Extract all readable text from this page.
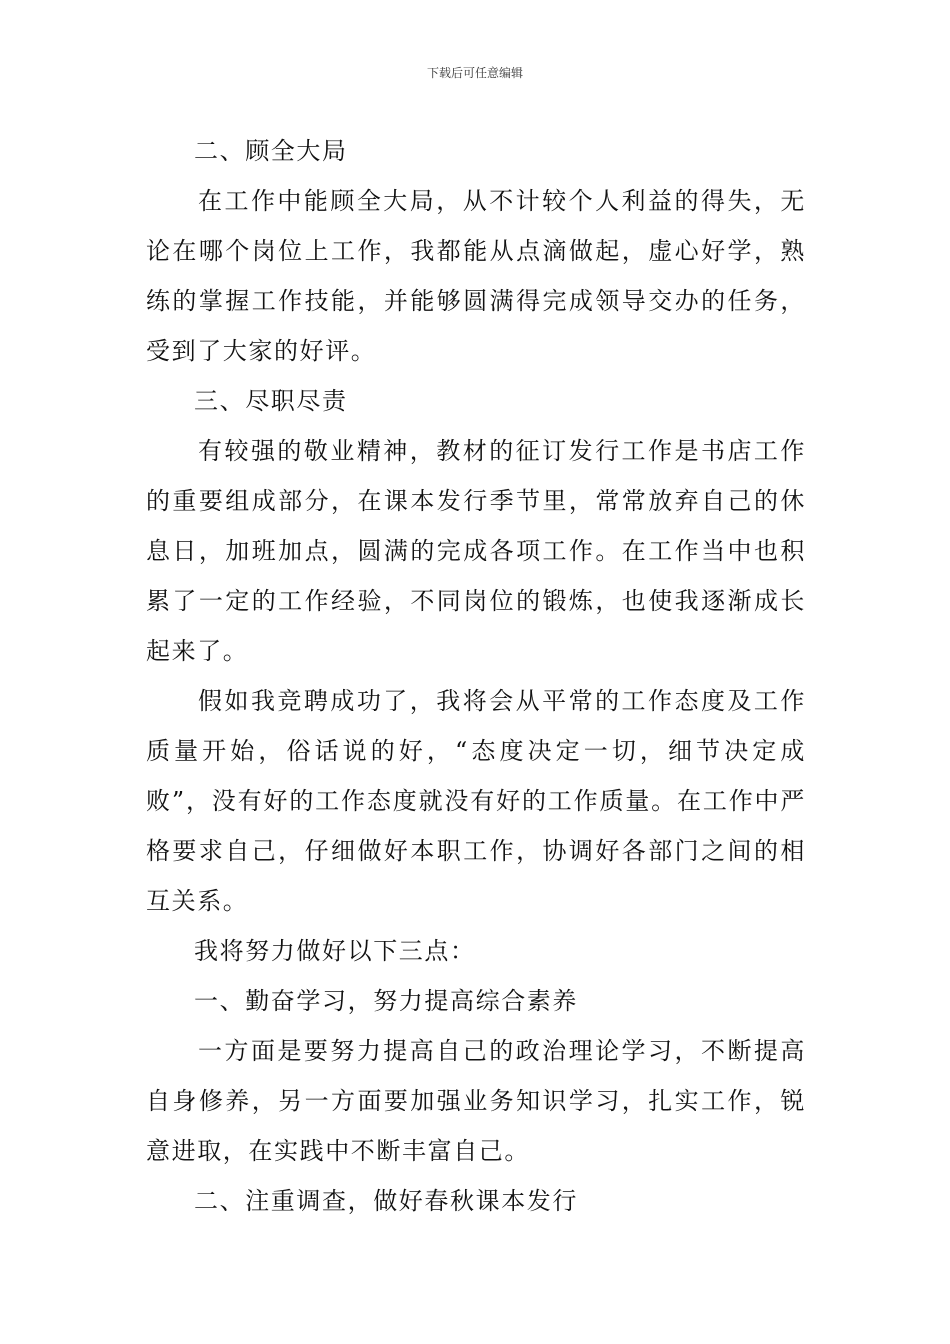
下载后可任意编辑

二、顾全大局

在工作中能顾全大局，从不计较个人利益的得失，无论在哪个岗位上工作，我都能从点滴做起，虚心好学，熟练的掌握工作技能，并能够圆满得完成领导交办的任务，受到了大家的好评。

三、尽职尽责

有较强的敬业精神，教材的征订发行工作是书店工作的重要组成部分，在课本发行季节里，常常放弃自己的休息日，加班加点，圆满的完成各项工作。在工作当中也积累了一定的工作经验，不同岗位的锻炼，也使我逐渐成长起来了。

假如我竞聘成功了，我将会从平常的工作态度及工作质量开始，俗话说的好，“态度决定一切，细节决定成败”，没有好的工作态度就没有好的工作质量。在工作中严格要求自己，仔细做好本职工作，协调好各部门之间的相互关系。

我将努力做好以下三点：

一、勤奋学习，努力提高综合素养

一方面是要努力提高自己的政治理论学习，不断提高自身修养，另一方面要加强业务知识学习，扎实工作，锐意进取，在实践中不断丰富自己。

二、注重调查，做好春秋课本发行
